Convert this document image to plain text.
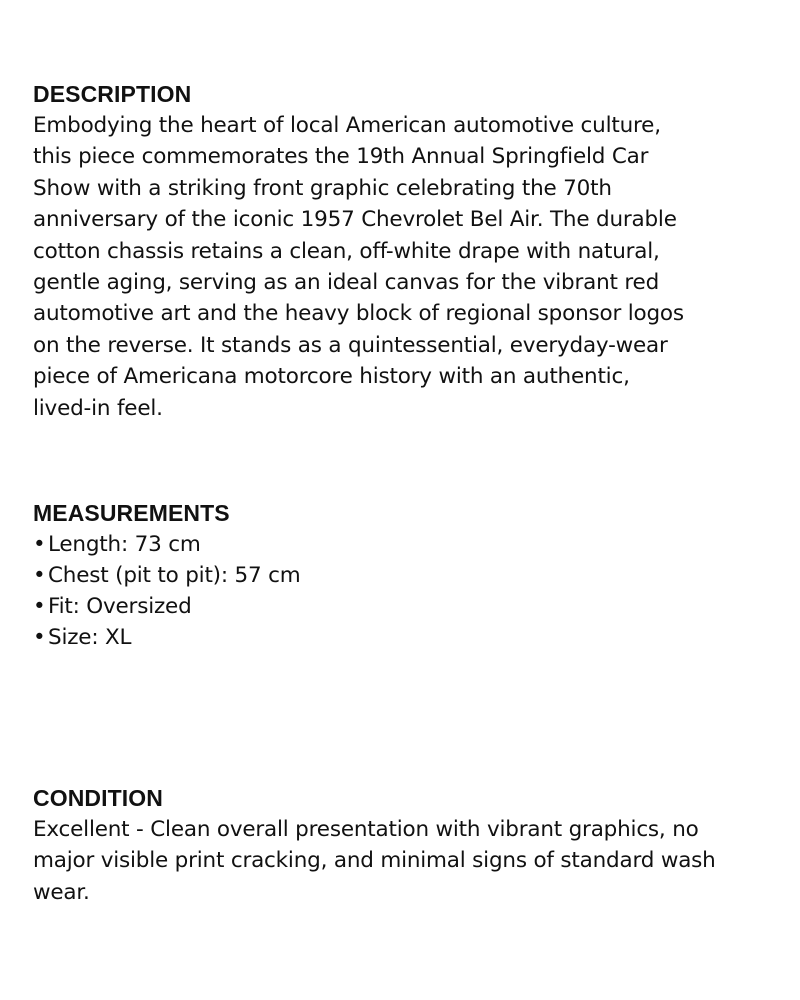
DESCRIPTION

Embodying the heart of local American automotive culture,
this piece commemorates the 19th Annual Springfield Car
Show with a striking front graphic celebrating the 70th
anniversary of the iconic 1957 Chevrolet Bel Air. The durable
cotton chassis retains a clean, off-white drape with natural,
gentle aging, serving as an ideal canvas for the vibrant red
automotive art and the heavy block of regional sponsor logos
on the reverse. It stands as a quintessential, everyday-wear
piece of Americana motorcore history with an authentic,
lived-in feel.

MEASUREMENTS
• Length: 73 cm
• Chest (pit to pit): 57 cm
• Fit: Oversized
• Size: XL
CONDITION

Excellent - Clean overall presentation with vibrant graphics, no
major visible print cracking, and minimal signs of standard wash
wear.
